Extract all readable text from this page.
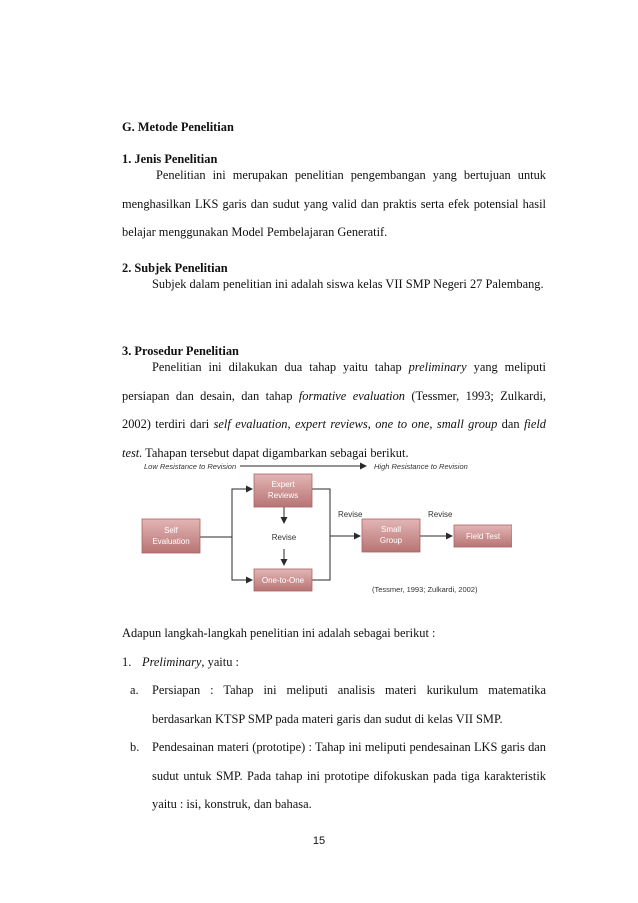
G. Metode Penelitian
1. Jenis Penelitian

Penelitian ini merupakan penelitian pengembangan yang bertujuan untuk menghasilkan LKS garis dan sudut yang valid dan praktis serta efek potensial hasil belajar menggunakan Model Pembelajaran Generatif.

2. Subjek Penelitian

Subjek dalam penelitian ini adalah siswa kelas VII SMP Negeri 27 Palembang.

3. Prosedur Penelitian

Penelitian ini dilakukan dua tahap yaitu tahap preliminary yang meliputi persiapan dan desain, dan tahap formative evaluation (Tessmer, 1993; Zulkardi, 2002) terdiri dari self evaluation, expert reviews, one to one, small group dan field test. Tahapan tersebut dapat digambarkan sebagai berikut.

Low Resistance to Revision	High Resistance to Revision
Self
Evaluation
Expert
Reviews
Revise
One-to-One
Revise
Small
Group
Revise
Field Test
(Tessmer, 1993; Zulkardi, 2002)
Adapun langkah-langkah penelitian ini adalah sebagai berikut :
1. Preliminary, yaitu :
a.	Persiapan : Tahap ini meliputi analisis materi kurikulum matematika berdasarkan KTSP SMP pada materi garis dan sudut di kelas VII SMP.
b.	Pendesainan materi (prototipe) : Tahap ini meliputi pendesainan LKS garis dan sudut untuk SMP. Pada tahap ini prototipe difokuskan pada tiga karakteristik yaitu : isi, konstruk, dan bahasa.
15
